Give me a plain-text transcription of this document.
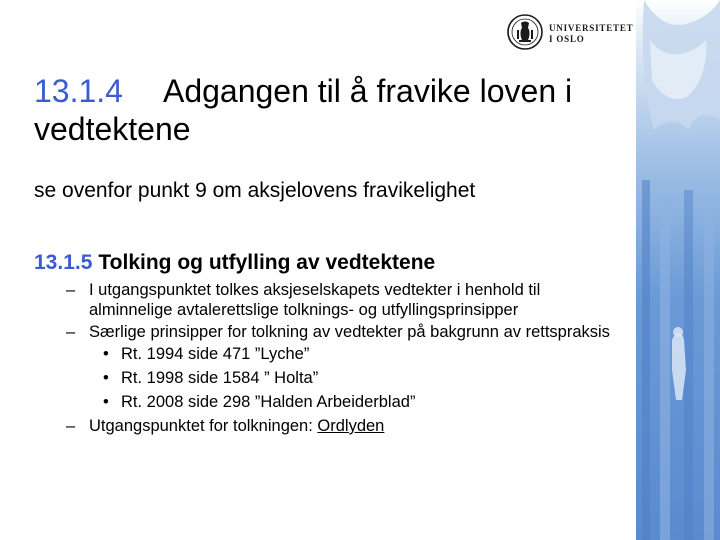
UNIVERSITETET
I OSLO
13.1.4 Adgangen til å fravike loven i vedtektene

se ovenfor punkt 9 om aksjelovens fravikelighet

13.1.5 Tolking og utfylling av vedtektene

– I utgangspunktet tolkes aksjeselskapets vedtekter i henhold til alminnelige avtalerettslige tolknings- og utfyllingsprinsipper
– Særlige prinsipper for tolkning av vedtekter på bakgrunn av rettspraksis
• Rt. 1994 side 471 ”Lyche”
• Rt. 1998 side 1584 ” Holta”
• Rt. 2008 side 298 ”Halden Arbeiderblad”
– Utgangspunktet for tolkningen: Ordlyden
